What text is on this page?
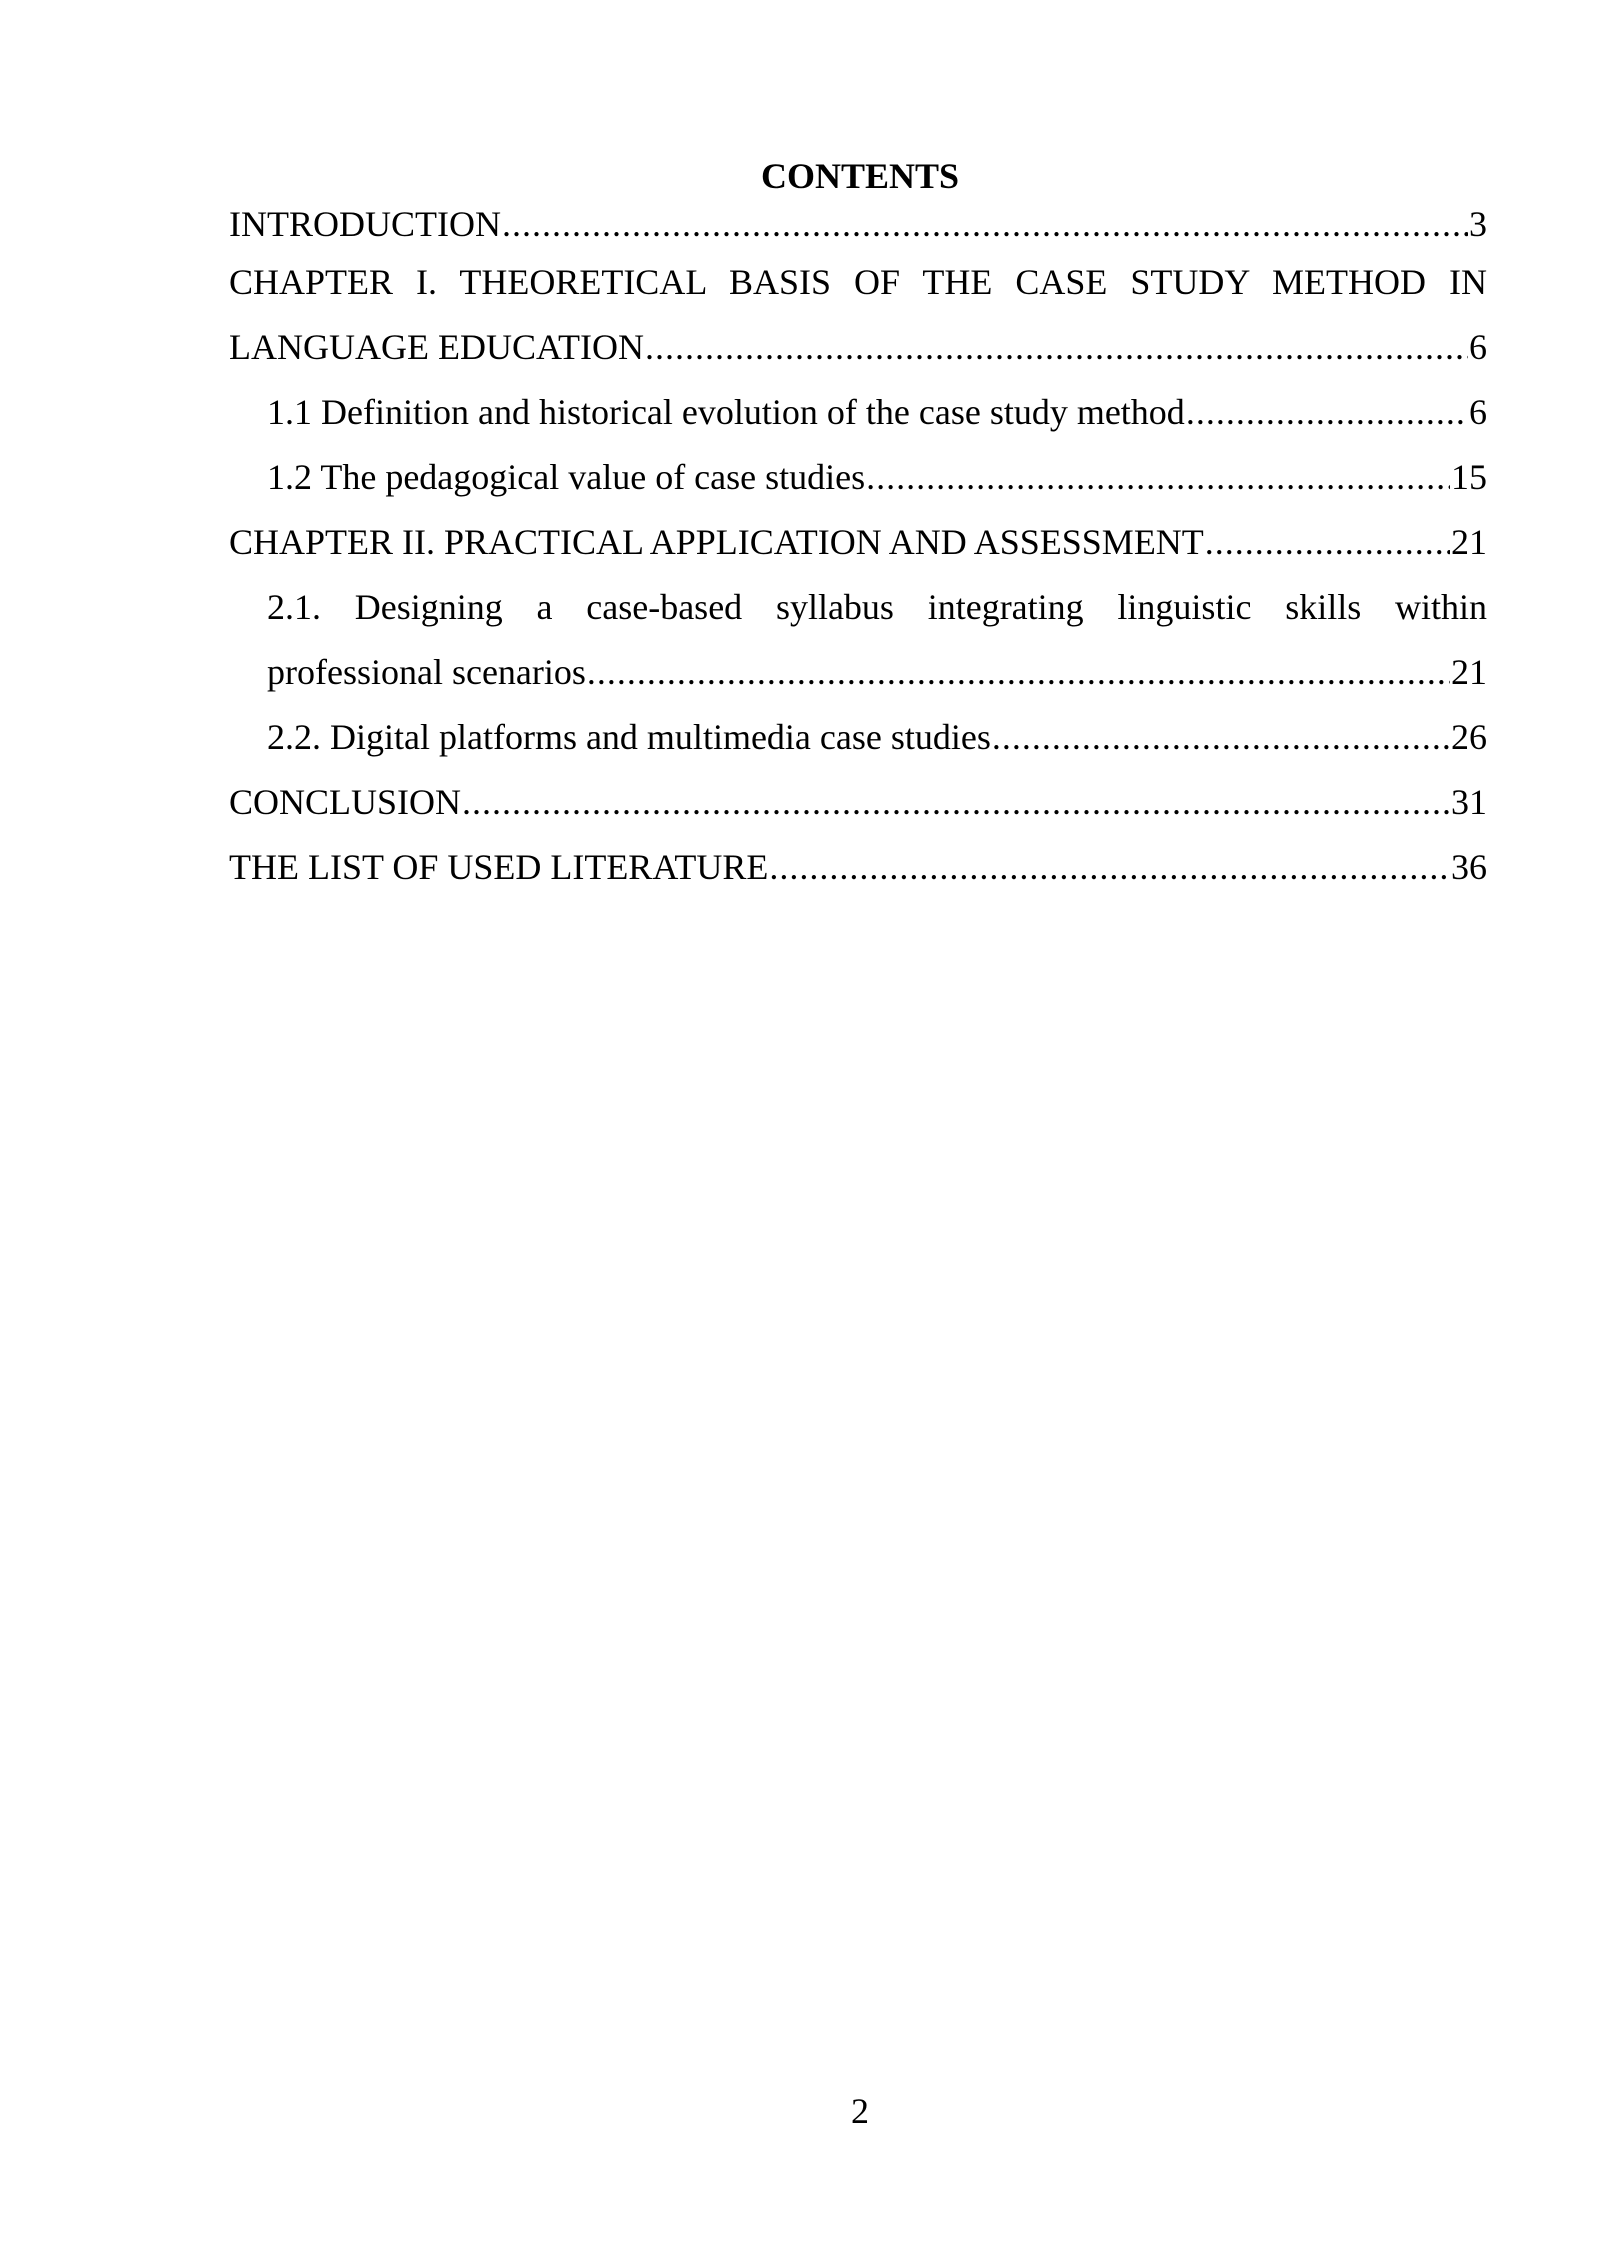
CONTENTS
INTRODUCTION .....	3
CHAPTER I. THEORETICAL BASIS OF THE CASE STUDY METHOD IN
LANGUAGE EDUCATION .....	6
1.1 Definition and historical evolution of the case study method .....	6
1.2 The pedagogical value of case studies .....	15
CHAPTER II. PRACTICAL APPLICATION AND ASSESSMENT .....	21
2.1. Designing a case-based syllabus integrating linguistic skills within
professional scenarios .....	21
2.2. Digital platforms and multimedia case studies .....	26
CONCLUSION .....	31
THE LIST OF USED LITERATURE .....	36
2
